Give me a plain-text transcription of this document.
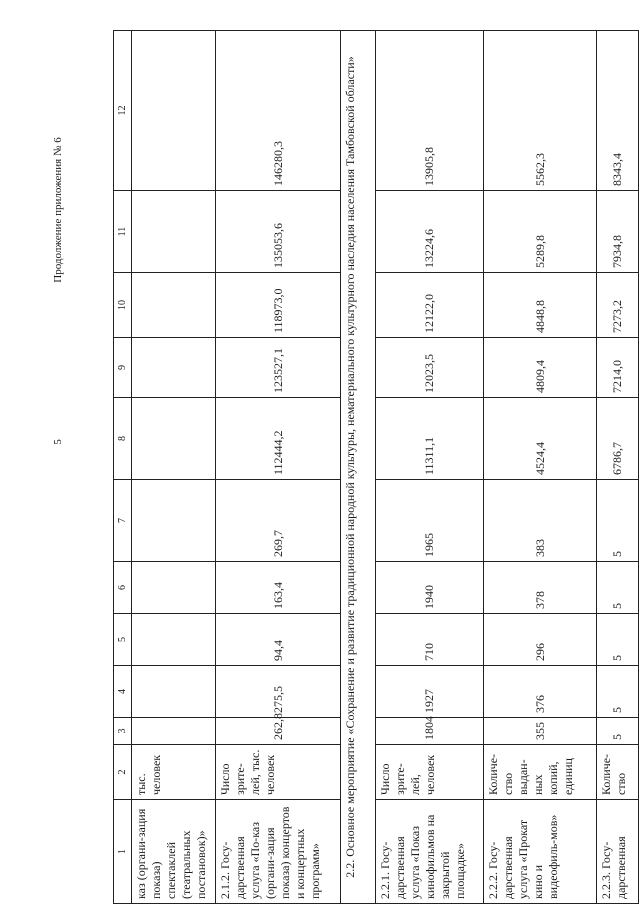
5
Продолжение приложения № 6
1	2	3	4	5	6	7	8	9	10	11	12
каз (органи-зация показа) спектаклей (театральных постановок)»	тыс. человек										
2.1.2. Госу-дарственная услуга «По-каз (органи-зация показа) концертов и концертных программ»	Число зрите-лей, тыс. человек	262,8	275,5	94,4	163,4	269,7	112444,2	123527,1	118973,0	135053,6	146280,3
2.2. Основное мероприятие «Сохранение и развитие традиционной народной культуры, нематериального культурного наследия населения Тамбовской области»											
2.2.1. Госу-дарственная услуга «Показ кинофильмов на закрытой площадке»	Число зрите-лей, человек	1804	1927	710	1940	1965	11311,1	12023,5	12122,0	13224,6	13905,8
2.2.2. Госу-дарственная услуга «Прокат кино и видеофиль-мов»	Количе-ство выдан-ных копий, единиц	355	376	296	378	383	4524,4	4809,4	4848,8	5289,8	5562,3
2.2.3. Госу-дарственная	Количе-ство	5	5	5	5	5	6786,7	7214,0	7273,2	7934,8	8343,4
